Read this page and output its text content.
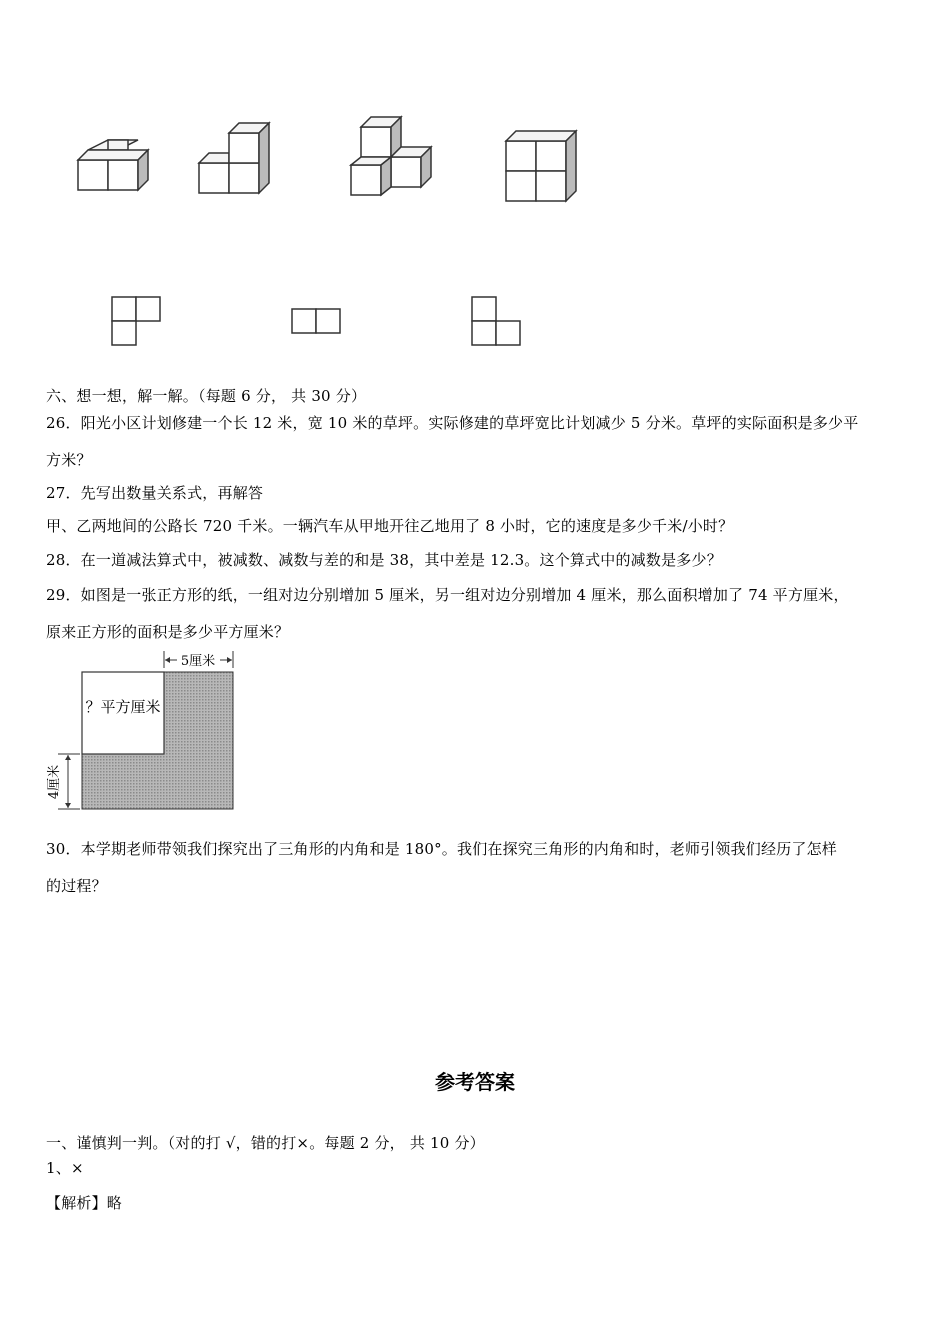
六、想一想，解一解。（每题 6 分， 共 30 分）
26．阳光小区计划修建一个长 12 米，宽 10 米的草坪。实际修建的草坪宽比计划减少 5 分米。草坪的实际面积是多少平
方米？
27．先写出数量关系式，再解答
甲、乙两地间的公路长 720 千米。一辆汽车从甲地开往乙地用了 8 小时，它的速度是多少千米/小时？
28．在一道减法算式中，被减数、减数与差的和是 38，其中差是 12.3。这个算式中的减数是多少？
29．如图是一张正方形的纸，一组对边分别增加 5 厘米，另一组对边分别增加 4 厘米，那么面积增加了 74 平方厘米，
原来正方形的面积是多少平方厘米？
5厘米
？平方厘米
4厘米
30．本学期老师带领我们探究出了三角形的内角和是 180°。我们在探究三角形的内角和时，老师引领我们经历了怎样
的过程？
参考答案
一、谨慎判一判。（对的打 √，错的打×。每题 2 分， 共 10 分）
1、×
【解析】略
